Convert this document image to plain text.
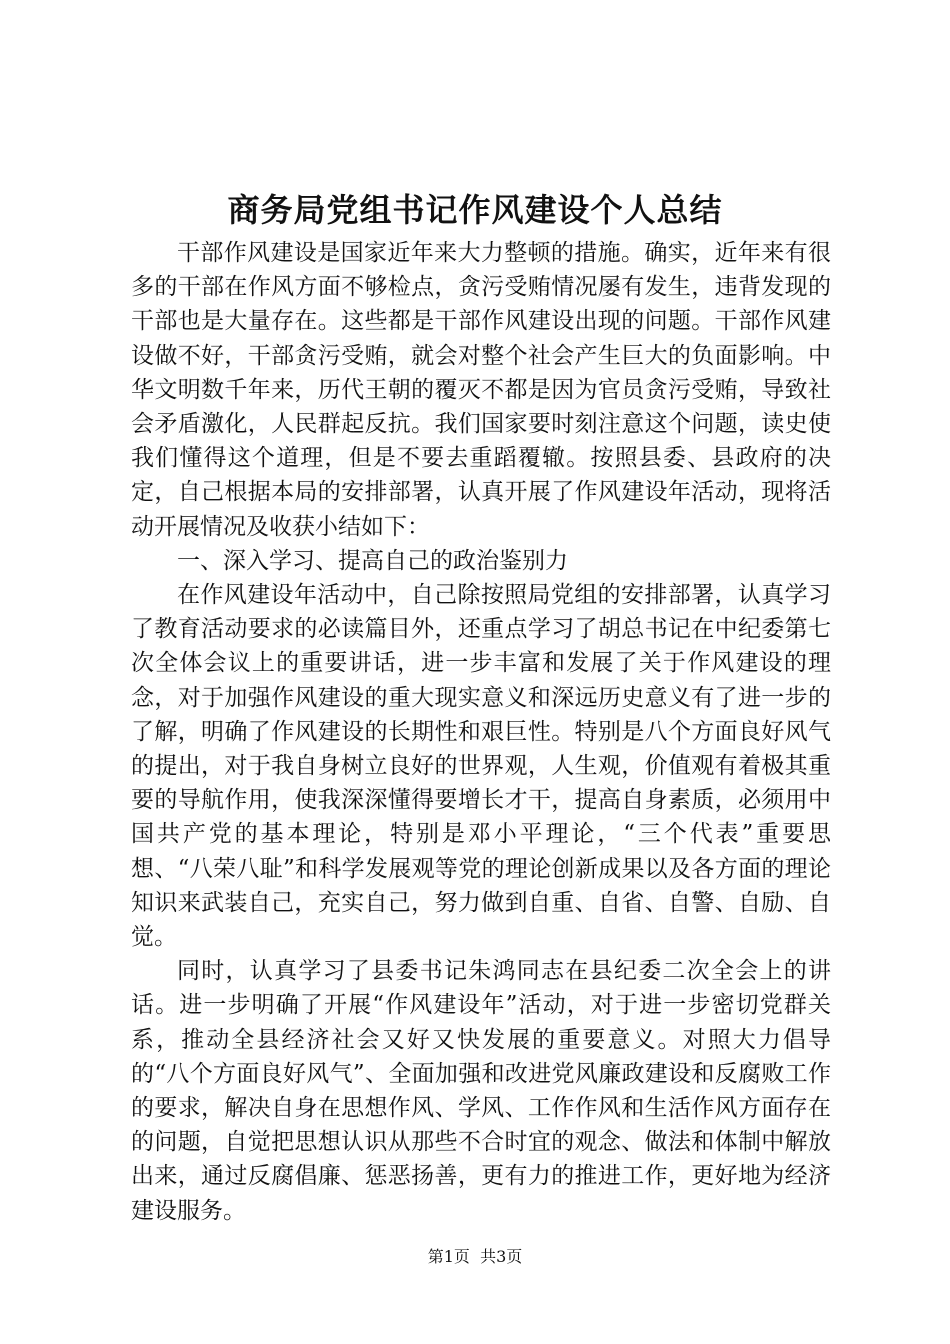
商务局党组书记作风建设个人总结

干部作风建设是国家近年来大力整顿的措施。确实，近年来有很多的干部在作风方面不够检点，贪污受贿情况屡有发生，违背发现的干部也是大量存在。这些都是干部作风建设出现的问题。干部作风建设做不好，干部贪污受贿，就会对整个社会产生巨大的负面影响。中华文明数千年来，历代王朝的覆灭不都是因为官员贪污受贿，导致社会矛盾激化，人民群起反抗。我们国家要时刻注意这个问题，读史使我们懂得这个道理，但是不要去重蹈覆辙。按照县委、县政府的决定，自己根据本局的安排部署，认真开展了作风建设年活动，现将活动开展情况及收获小结如下：

一、深入学习、提高自己的政治鉴别力

在作风建设年活动中，自己除按照局党组的安排部署，认真学习了教育活动要求的必读篇目外，还重点学习了胡总书记在中纪委第七次全体会议上的重要讲话，进一步丰富和发展了关于作风建设的理念，对于加强作风建设的重大现实意义和深远历史意义有了进一步的了解，明确了作风建设的长期性和艰巨性。特别是八个方面良好风气的提出，对于我自身树立良好的世界观，人生观，价值观有着极其重要的导航作用，使我深深懂得要增长才干，提高自身素质，必须用中国共产党的基本理论，特别是邓小平理论，“三个代表”重要思想、“八荣八耻”和科学发展观等党的理论创新成果以及各方面的理论知识来武装自己，充实自己，努力做到自重、自省、自警、自励、自觉。

同时，认真学习了县委书记朱鸿同志在县纪委二次全会上的讲话。进一步明确了开展“作风建设年”活动，对于进一步密切党群关系，推动全县经济社会又好又快发展的重要意义。对照大力倡导的“八个方面良好风气”、全面加强和改进党风廉政建设和反腐败工作的要求，解决自身在思想作风、学风、工作作风和生活作风方面存在的问题，自觉把思想认识从那些不合时宜的观念、做法和体制中解放出来，通过反腐倡廉、惩恶扬善，更有力的推进工作，更好地为经济建设服务。

第1页  共3页
